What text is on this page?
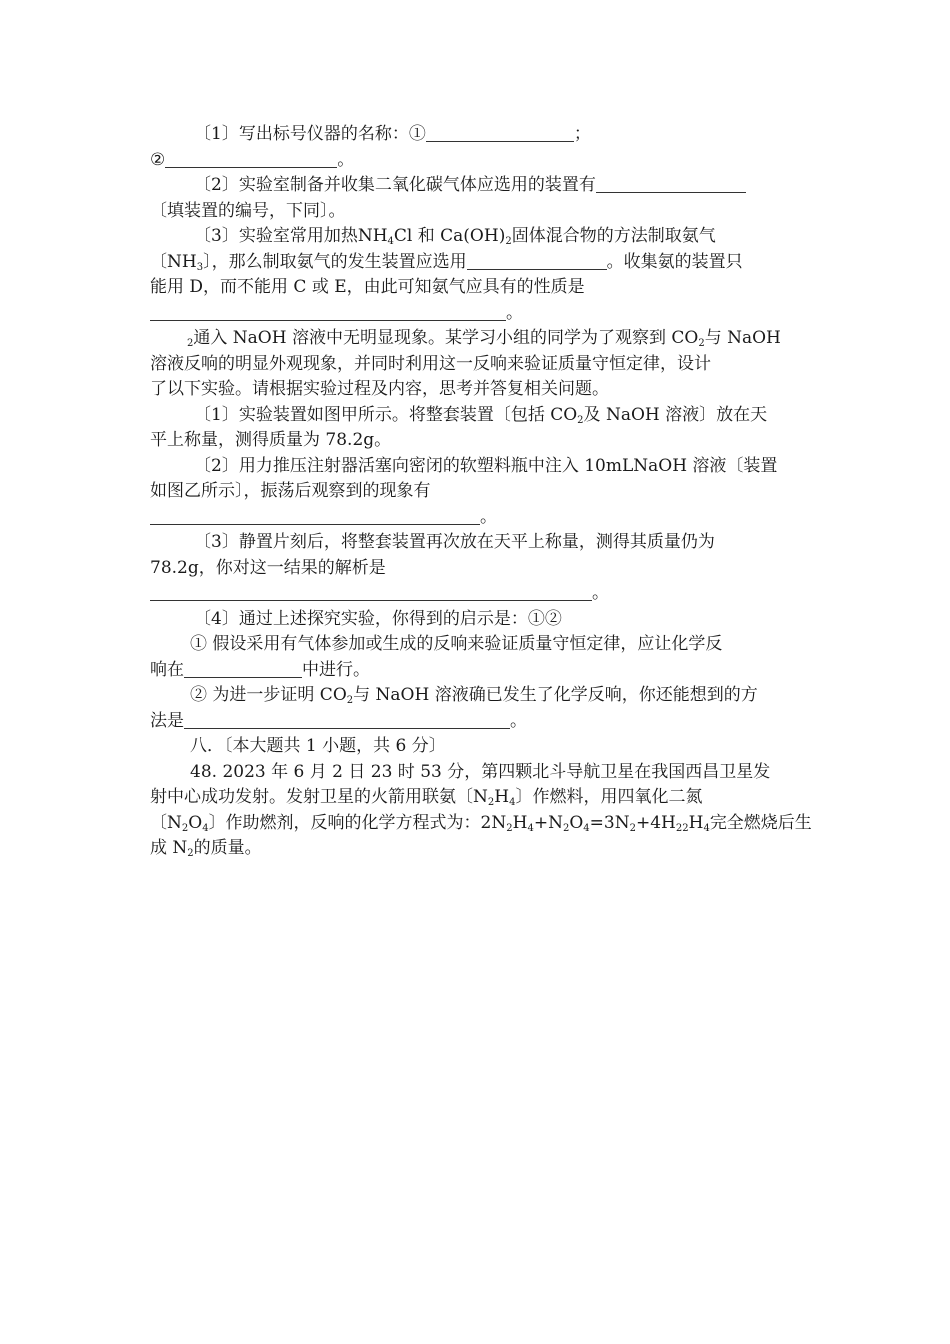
〔1〕写出标号仪器的名称：①	；

②	。

〔2〕实验室制备并收集二氧化碳气体应选用的装置有

〔填装置的编号，下同〕。

〔3〕实验室常用加热$NH_4Cl$ 和 $Ca(OH)_2$固体混合物的方法制取氨气

〔$NH_3$〕，那么制取氨气的发生装置应选用	。收集氨的装置只

能用 D，而不能用 C 或 E，由此可知氨气应具有的性质是

。

$_2$通入 NaOH 溶液中无明显现象。某学习小组的同学为了观察到 $CO_2$与 NaOH

溶液反响的明显外观现象，并同时利用这一反响来验证质量守恒定律，设计

了以下实验。请根据实验过程及内容，思考并答复相关问题。

〔1〕实验装置如图甲所示。将整套装置〔包括 $CO_2$及 NaOH 溶液〕放在天

平上称量，测得质量为 78.2g。

〔2〕用力推压注射器活塞向密闭的软塑料瓶中注入 10mLNaOH 溶液〔装置

如图乙所示〕，振荡后观察到的现象有

。

〔3〕静置片刻后，将整套装置再次放在天平上称量，测得其质量仍为

78.2g，你对这一结果的解析是

。

〔4〕通过上述探究实验，你得到的启示是：①②

① 假设采用有气体参加或生成的反响来验证质量守恒定律，应让化学反

响在	中进行。

② 为进一步证明 $CO_2$与 NaOH 溶液确已发生了化学反响，你还能想到的方

法是	。

八．〔本大题共 1 小题，共 6 分〕

48. 2023 年 6 月 2 日 23 时 53 分，第四颗北斗导航卫星在我国西昌卫星发

射中心成功发射。发射卫星的火箭用联氨〔$N_2H_4$〕作燃料，用四氧化二氮

〔$N_2O_4$〕作助燃剂，反响的化学方程式为：$2N_2H_4+N_2O_4=3N_2+4H_{22}H_4$完全燃烧后生

成 $N_2$的质量。
